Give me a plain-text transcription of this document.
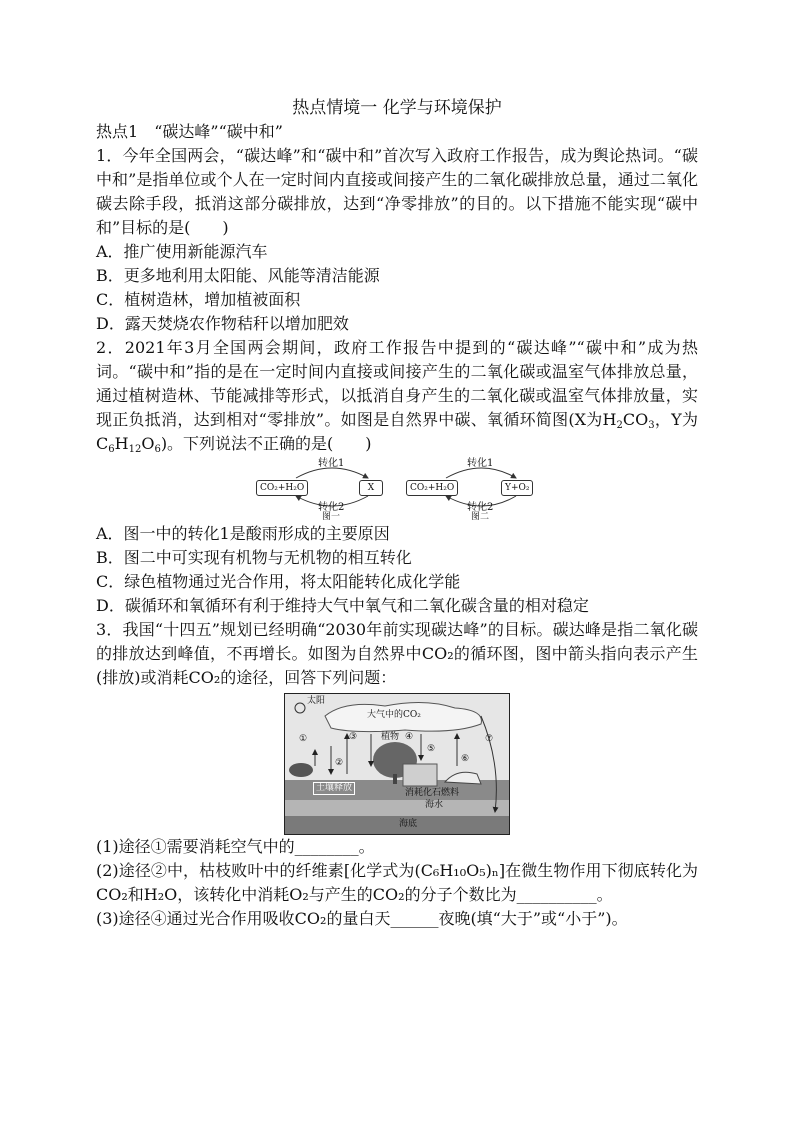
热点情境一 化学与环境保护

热点1　 “碳达峰”“碳中和”

1．今年全国两会，“碳达峰”和“碳中和”首次写入政府工作报告，成为舆论热词。“碳中和”是指单位或个人在一定时间内直接或间接产生的二氧化碳排放总量，通过二氧化碳去除手段，抵消这部分碳排放，达到“净零排放”的目的。以下措施不能实现“碳中和”目标的是(　　)

A．推广使用新能源汽车

B．更多地利用太阳能、风能等清洁能源

C．植树造林，增加植被面积

D．露天焚烧农作物秸秆以增加肥效

2．2021年3月全国两会期间，政府工作报告中提到的“碳达峰”“碳中和”成为热词。“碳中和”指的是在一定时间内直接或间接产生的二氧化碳或温室气体排放总量，通过植树造林、节能减排等形式，以抵消自身产生的二氧化碳或温室气体排放量，实现正负抵消，达到相对“零排放”。如图是自然界中碳、氧循环简图(X为$H_2CO_3$，Y为$C_6H_{12}O_6$)。下列说法不正确的是(　　)

CO₂+H₂O	X
转化1
转化2
图一
CO₂+H₂O	Y+O₂
转化1
转化2
图二

A．图一中的转化1是酸雨形成的主要原因

B．图二中可实现有机物与无机物的相互转化

C．绿色植物通过光合作用，将太阳能转化成化学能

D．碳循环和氧循环有利于维持大气中氧气和二氧化碳含量的相对稳定

3．我国“十四五”规划已经明确“2030年前实现碳达峰”的目标。碳达峰是指二氧化碳的排放达到峰值，不再增长。如图为自然界中CO₂的循环图，图中箭头指向表示产生(排放)或消耗CO₂的途径，回答下列问题：

太阳
大气中的CO₂
植物
土壤释放	消耗化石燃料
海水
海底
①
②
③	④
⑤
⑥
⑦

(1)途径①需要消耗空气中的________。

(2)途径②中，枯枝败叶中的纤维素[化学式为(C₆H₁₀O₅)ₙ]在微生物作用下彻底转化为CO₂和H₂O，该转化中消耗O₂与产生的CO₂的分子个数比为__________。

(3)途径④通过光合作用吸收CO₂的量白天______夜晚(填“大于”或“小于”)。
